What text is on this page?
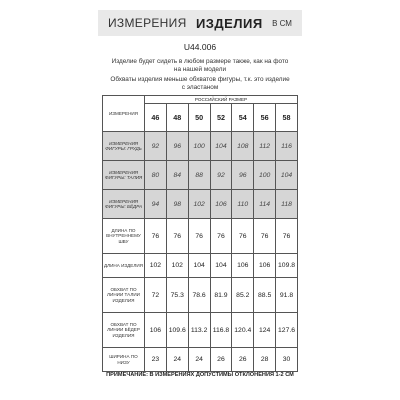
ИЗМЕРЕНИЯ ИЗДЕЛИЯ В СМ
U44.006
Изделие будет сидеть в любом размере также, как на фото на нашей модели
Обхваты изделия меньше обхватов фигуры, т.к. это изделие с эластаном
ИЗМЕРЕНИЯ	РОССИЙСКИЙ РАЗМЕР						
	46	48	50	52	54	56	58
ИЗМЕРЕНИЯ ФИГУРЫ: ГРУДЬ	92	96	100	104	108	112	116
ИЗМЕРЕНИЯ ФИГУРЫ: ТАЛИЯ	80	84	88	92	96	100	104
ИЗМЕРЕНИЯ ФИГУРЫ: БЁДРА	94	98	102	106	110	114	118
ДЛИНА ПО ВНУТРЕННЕМУ ШВУ	76	76	76	76	76	76	76
ДЛИНА ИЗДЕЛИЯ	102	102	104	104	106	106	109.8
ОБХВАТ ПО ЛИНИИ ТАЛИИ ИЗДЕЛИЯ	72	75.3	78.6	81.9	85.2	88.5	91.8
ОБХВАТ ПО ЛИНИИ БЁДЕР ИЗДЕЛИЯ	106	109.6	113.2	116.8	120.4	124	127.6
ШИРИНА ПО НИЗУ	23	24	24	26	26	28	30
ПРИМЕЧАНИЕ: В ИЗМЕРЕНИЯХ ДОПУСТИМЫ ОТКЛОНЕНИЯ 1-2 СМ
